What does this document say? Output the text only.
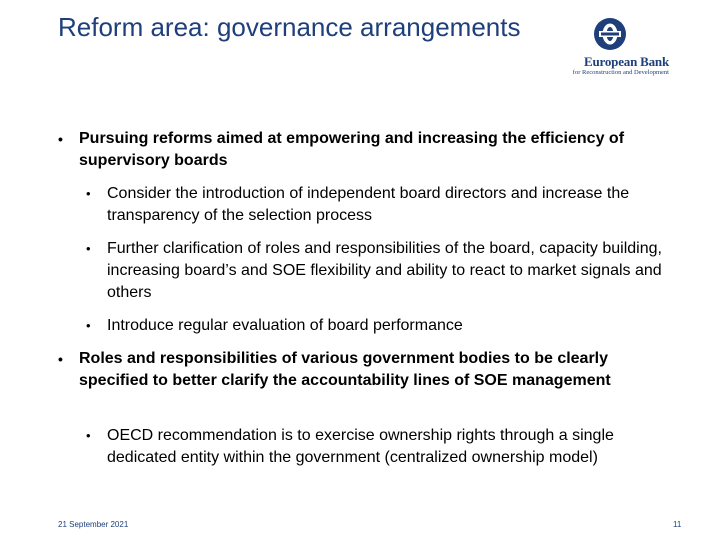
Reform area: governance arrangements
European Bank
for Reconstruction and Development
• Pursuing reforms aimed at empowering and increasing the efficiency of supervisory boards
• Consider the introduction of independent board directors and increase the transparency of the selection process
• Further clarification of roles and responsibilities of the board, capacity building, increasing board’s and SOE flexibility and ability to react to market signals and others
• Introduce regular evaluation of board performance
• Roles and responsibilities of various government bodies to be clearly specified to better clarify the accountability lines of SOE management
• OECD recommendation is to exercise ownership rights through a single dedicated entity within the government (centralized ownership model)
21 September 2021	11
